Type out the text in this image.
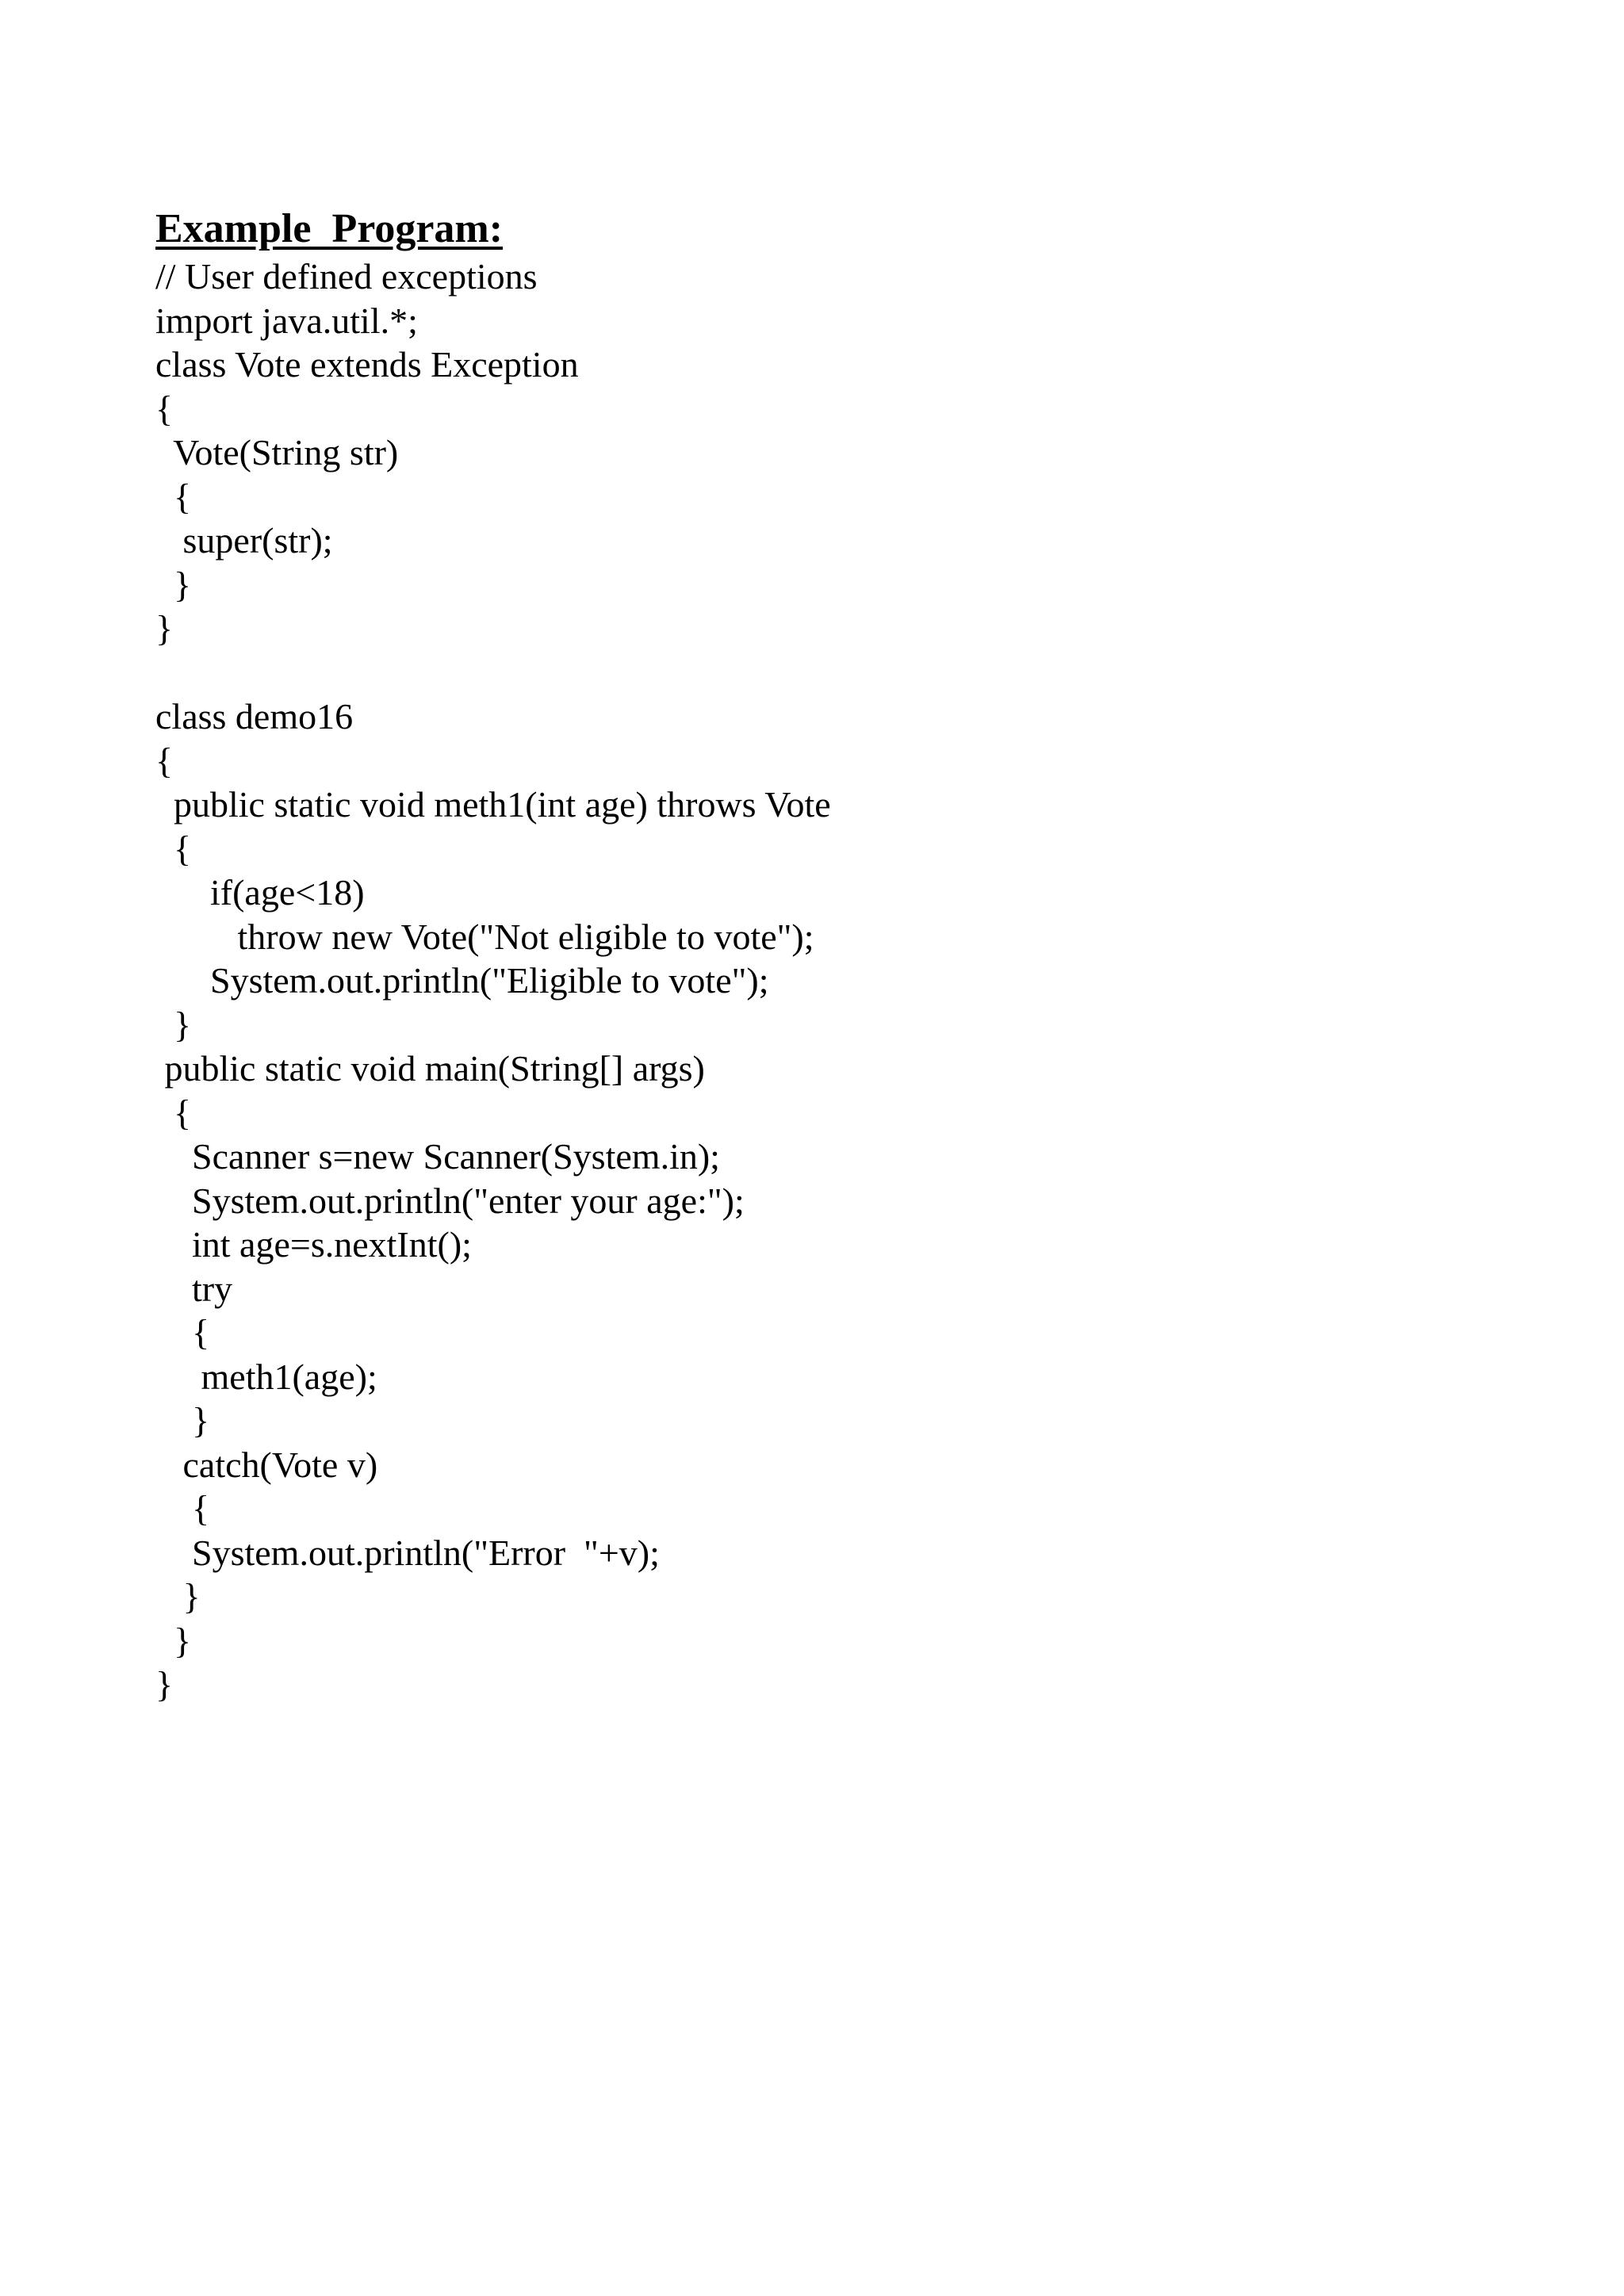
Example  Program:
// User defined exceptions
import java.util.*;
class Vote extends Exception
{
Vote(String str)
{
super(str);
}
}
class demo16
{
public static void meth1(int age) throws Vote
{
if(age<18)
throw new Vote("Not eligible to vote");
System.out.println("Eligible to vote");
}
public static void main(String[] args)
{
Scanner s=new Scanner(System.in);
System.out.println("enter your age:");
int age=s.nextInt();
try
{
meth1(age);
}
catch(Vote v)
{
System.out.println("Error  "+v);
}
}
}
